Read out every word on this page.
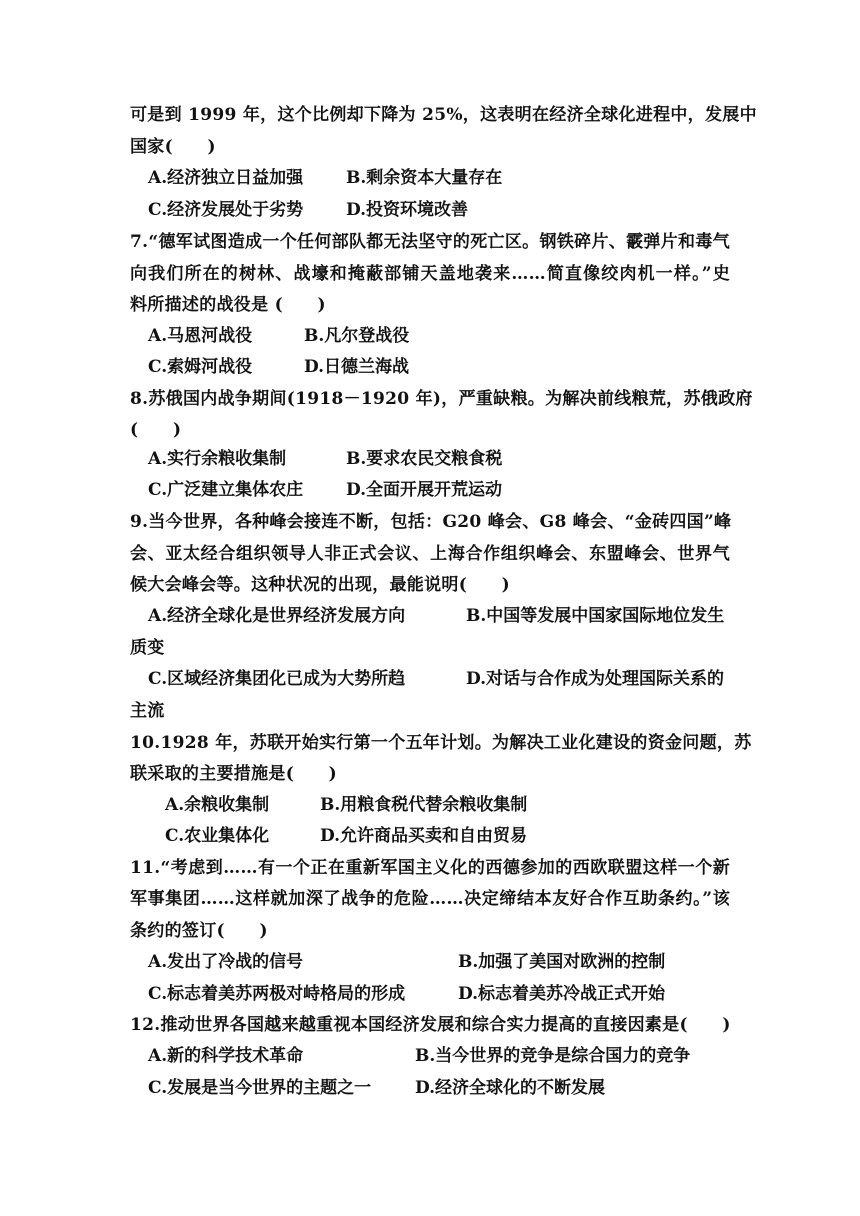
可是到 1999 年，这个比例却下降为 25%，这表明在经济全球化进程中，发展中
国家(　　)
A.经济独立日益加强	B.剩余资本大量存在
C.经济发展处于劣势	D.投资环境改善
7.“德军试图造成一个任何部队都无法坚守的死亡区。钢铁碎片、霰弹片和毒气
向我们所在的树林、战壕和掩蔽部铺天盖地袭来……简直像绞肉机一样。”史
料所描述的战役是 (　　)
A.马恩河战役	B.凡尔登战役
C.索姆河战役	D.日德兰海战
8.苏俄国内战争期间(1918－1920 年)，严重缺粮。为解决前线粮荒，苏俄政府
(　　)
A.实行余粮收集制	B.要求农民交粮食税
C.广泛建立集体农庄	D.全面开展开荒运动
9.当今世界，各种峰会接连不断，包括：G20 峰会、G8 峰会、“金砖四国”峰
会、亚太经合组织领导人非正式会议、上海合作组织峰会、东盟峰会、世界气
候大会峰会等。这种状况的出现，最能说明(　　)
A.经济全球化是世界经济发展方向	B.中国等发展中国家国际地位发生
质变
C.区域经济集团化已成为大势所趋	D.对话与合作成为处理国际关系的
主流
10.1928 年，苏联开始实行第一个五年计划。为解决工业化建设的资金问题，苏
联采取的主要措施是(　　)
A.余粮收集制	B.用粮食税代替余粮收集制
C.农业集体化	D.允许商品买卖和自由贸易
11.“考虑到……有一个正在重新军国主义化的西德参加的西欧联盟这样一个新
军事集团……这样就加深了战争的危险……决定缔结本友好合作互助条约。”该
条约的签订(　　)
A.发出了冷战的信号	B.加强了美国对欧洲的控制
C.标志着美苏两极对峙格局的形成	D.标志着美苏冷战正式开始
12.推动世界各国越来越重视本国经济发展和综合实力提高的直接因素是(　　)
A.新的科学技术革命	B.当今世界的竞争是综合国力的竞争
C.发展是当今世界的主题之一	D.经济全球化的不断发展
